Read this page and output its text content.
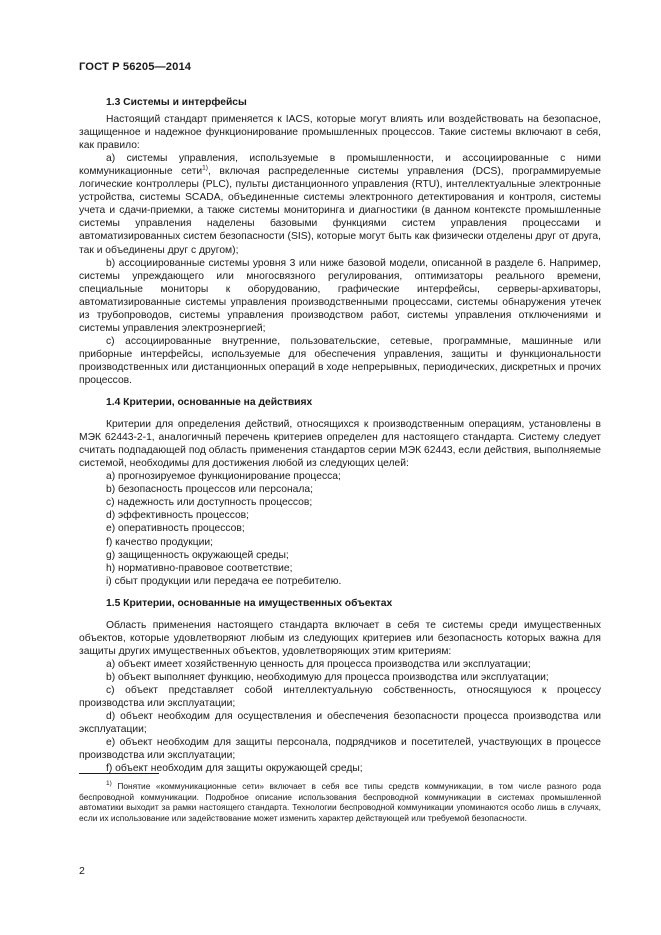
ГОСТ Р 56205—2014
1.3 Системы и интерфейсы

Настоящий стандарт применяется к IACS, которые могут влиять или воздействовать на безопасное, защищенное и надежное функционирование промышленных процессов. Такие системы включают в себя, как правило:

а) системы управления, используемые в промышленности, и ассоциированные с ними коммуникационные сети$^{1)}$, включая распределенные системы управления (DCS), программируемые логические контроллеры (PLC), пульты дистанционного управления (RTU), интеллектуальные электронные устройства, системы SCADA, объединенные системы электронного детектирования и контроля, системы учета и сдачи-приемки, а также системы мониторинга и диагностики (в данном контексте промышленные системы управления наделены базовыми функциями систем управления процессами и автоматизированных систем безопасности (SIS), которые могут быть как физически отделены друг от друга, так и объединены друг с другом);

b) ассоциированные системы уровня 3 или ниже базовой модели, описанной в разделе 6. Например, системы упреждающего или многосвязного регулирования, оптимизаторы реального времени, специальные мониторы к оборудованию, графические интерфейсы, серверы-архиваторы, автоматизированные системы управления производственными процессами, системы обнаружения утечек из трубопроводов, системы управления производством работ, системы управления отключениями и системы управления электроэнергией;

с) ассоциированные внутренние, пользовательские, сетевые, программные, машинные или приборные интерфейсы, используемые для обеспечения управления, защиты и функциональности производственных или дистанционных операций в ходе непрерывных, периодических, дискретных и прочих процессов.

1.4 Критерии, основанные на действиях

Критерии для определения действий, относящихся к производственным операциям, установлены в МЭК 62443-2-1, аналогичный перечень критериев определен для настоящего стандарта. Систему следует считать подпадающей под область применения стандартов серии МЭК 62443, если действия, выполняемые системой, необходимы для достижения любой из следующих целей:

а) прогнозируемое функционирование процесса;

b) безопасность процессов или персонала;

с) надежность или доступность процессов;

d) эффективность процессов;

е) оперативность процессов;

f) качество продукции;

g) защищенность окружающей среды;

h) нормативно-правовое соответствие;

i) сбыт продукции или передача ее потребителю.

1.5 Критерии, основанные на имущественных объектах

Область применения настоящего стандарта включает в себя те системы среди имущественных объектов, которые удовлетворяют любым из следующих критериев или безопасность которых важна для защиты других имущественных объектов, удовлетворяющих этим критериям:

а) объект имеет хозяйственную ценность для процесса производства или эксплуатации;

b) объект выполняет функцию, необходимую для процесса производства или эксплуатации;

с) объект представляет собой интеллектуальную собственность, относящуюся к процессу производства или эксплуатации;

d) объект необходим для осуществления и обеспечения безопасности процесса производства или эксплуатации;

е) объект необходим для защиты персонала, подрядчиков и посетителей, участвующих в процессе производства или эксплуатации;

f) объект необходим для защиты окружающей среды;

$^{1)}$ Понятие «коммуникационные сети» включает в себя все типы средств коммуникации, в том числе разного рода беспроводной коммуникации. Подробное описание использования беспроводной коммуникации в системах промышленной автоматики выходит за рамки настоящего стандарта. Технологии беспроводной коммуникации упоминаются особо лишь в случаях, если их использование или задействование может изменить характер действующей или требуемой безопасности.

2
